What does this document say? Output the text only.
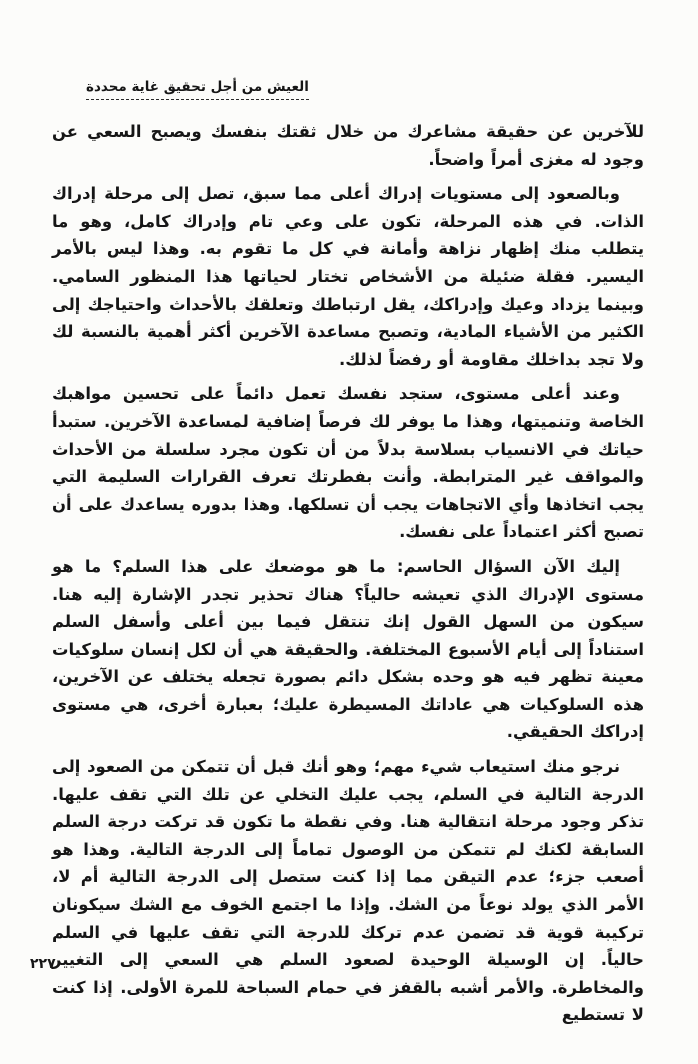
العيش من أجل تحقيق غاية محددة

للآخرين عن حقيقة مشاعرك من خلال ثقتك بنفسك ويصبح السعي عن وجود له مغزى أمراً واضحاً.

وبالصعود إلى مستويات إدراك أعلى مما سبق، تصل إلى مرحلة إدراك الذات. في هذه المرحلة، تكون على وعي تام وإدراك كامل، وهو ما يتطلب منك إظهار نزاهة وأمانة في كل ما تقوم به. وهذا ليس بالأمر اليسير. فقلة ضئيلة من الأشخاص تختار لحياتها هذا المنظور السامي. وبينما يزداد وعيك وإدراكك، يقل ارتباطك وتعلقك بالأحداث واحتياجك إلى الكثير من الأشياء المادية، وتصبح مساعدة الآخرين أكثر أهمية بالنسبة لك ولا تجد بداخلك مقاومة أو رفضاً لذلك.

وعند أعلى مستوى، ستجد نفسك تعمل دائماً على تحسين مواهبك الخاصة وتنميتها، وهذا ما يوفر لك فرصاً إضافية لمساعدة الآخرين. ستبدأ حياتك في الانسياب بسلاسة بدلاً من أن تكون مجرد سلسلة من الأحداث والمواقف غير المترابطة. وأنت بفطرتك تعرف القرارات السليمة التي يجب اتخاذها وأي الاتجاهات يجب أن تسلكها. وهذا بدوره يساعدك على أن تصبح أكثر اعتماداً على نفسك.

إليك الآن السؤال الحاسم: ما هو موضعك على هذا السلم؟ ما هو مستوى الإدراك الذي تعيشه حالياً؟ هناك تحذير تجدر الإشارة إليه هنا. سيكون من السهل القول إنك تنتقل فيما بين أعلى وأسفل السلم استناداً إلى أيام الأسبوع المختلفة. والحقيقة هي أن لكل إنسان سلوكيات معينة تظهر فيه هو وحده بشكل دائم بصورة تجعله يختلف عن الآخرين، هذه السلوكيات هي عاداتك المسيطرة عليك؛ بعبارة أخرى، هي مستوى إدراكك الحقيقي.

نرجو منك استيعاب شيء مهم؛ وهو أنك قبل أن تتمكن من الصعود إلى الدرجة التالية في السلم، يجب عليك التخلي عن تلك التي تقف عليها. تذكر وجود مرحلة انتقالية هنا. وفي نقطة ما تكون قد تركت درجة السلم السابقة لكنك لم تتمكن من الوصول تماماً إلى الدرجة التالية. وهذا هو أصعب جزء؛ عدم التيقن مما إذا كنت ستصل إلى الدرجة التالية أم لا، الأمر الذي يولد نوعاً من الشك. وإذا ما اجتمع الخوف مع الشك سيكونان تركيبة قوية قد تضمن عدم تركك للدرجة التي تقف عليها في السلم حالياً. إن الوسيلة الوحيدة لصعود السلم هي السعي إلى التغيير والمخاطرة. والأمر أشبه بالقفز في حمام السباحة للمرة الأولى. إذا كنت لا تستطيع

٢٢٧
